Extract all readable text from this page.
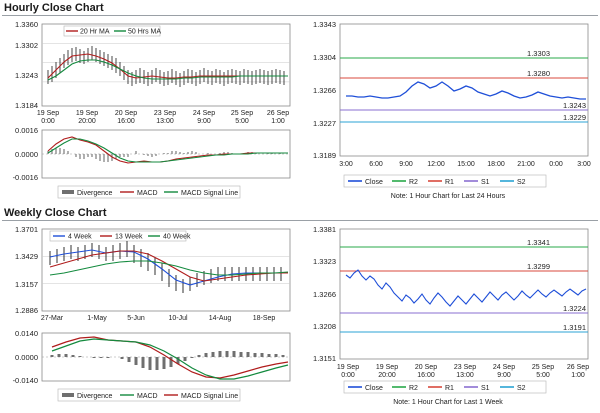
Hourly Close Chart
1.3360
1.3302
1.3243
1.3184
20 Hr MA	50 Hrs MA
19 Sep
0:00
19 Sep
20:00
20 Sep
16:00
23 Sep
13:00
24 Sep
9:00
25 Sep
5:00
26 Sep
1:00
0.0016
0.0000
-0.0016
Divergence	MACD	MACD Signal Line
1.3343
1.3304
1.3266
1.3227
1.3189
1.3303
1.3280
1.3243
1.3229
3:00 6:00 9:00 12:00 15:00 18:00 21:00 0:00 3:00
Close	R2	R1	S1	S2
Note: 1 Hour Chart for Last 24 Hours
Weekly Close Chart
1.3701
1.3429
1.3157
1.2886
4 Week	13 Week	40 Week
27-Mar	1-May	5-Jun	10-Jul	14-Aug	18-Sep
0.0140
0.0000
-0.0140
Divergence	MACD	MACD Signal Line
1.3381
1.3323
1.3266
1.3208
1.3151
1.3341
1.3299
1.3224
1.3191
19 Sep
0:00
19 Sep
20:00
20 Sep
16:00
23 Sep
13:00
24 Sep
9:00
25 Sep
5:00
26 Sep
1:00
Close	R2	R1	S1	S2
Note: 1 Hour Chart for Last 1 Week
